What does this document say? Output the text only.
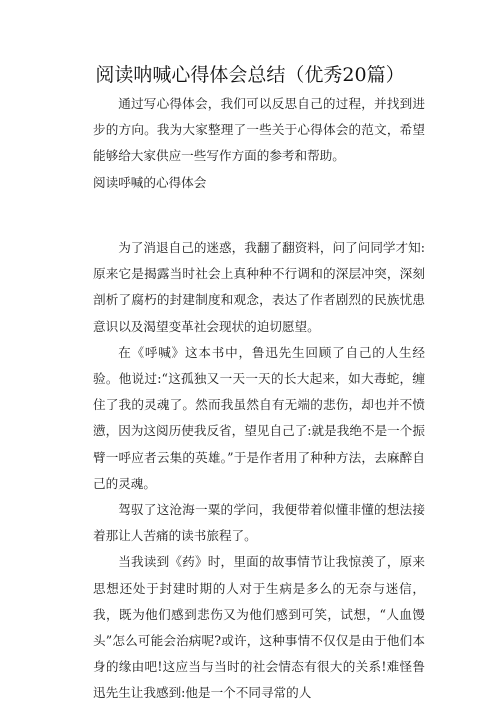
阅读呐喊心得体会总结（优秀20篇）

通过写心得体会，我们可以反思自己的过程，并找到进步的方向。我为大家整理了一些关于心得体会的范文，希望能够给大家供应一些写作方面的参考和帮助。

阅读呼喊的心得体会

为了消退自己的迷惑，我翻了翻资料，问了问同学才知:原来它是揭露当时社会上真种种不行调和的深层冲突，深刻剖析了腐朽的封建制度和观念，表达了作者剧烈的民族忧患意识以及渴望变革社会现状的迫切愿望。

在《呼喊》这本书中，鲁迅先生回顾了自己的人生经验。他说过:“这孤独又一天一天的长大起来，如大毒蛇，缠住了我的灵魂了。然而我虽然自有无端的悲伤，却也并不愤懑，因为这阅历使我反省，望见自己了:就是我绝不是一个振臂一呼应者云集的英雄。”于是作者用了种种方法，去麻醉自己的灵魂。

驾驭了这沧海一粟的学问，我便带着似懂非懂的想法接着那让人苦痛的读书旅程了。

当我读到《药》时，里面的故事情节让我惊羡了，原来思想还处于封建时期的人对于生病是多么的无奈与迷信，我，既为他们感到悲伤又为他们感到可笑，试想，“人血馒头”怎么可能会治病呢?或许，这种事情不仅仅是由于他们本身的缘由吧!这应当与当时的社会情态有很大的关系!难怪鲁迅先生让我感到:他是一个不同寻常的人
